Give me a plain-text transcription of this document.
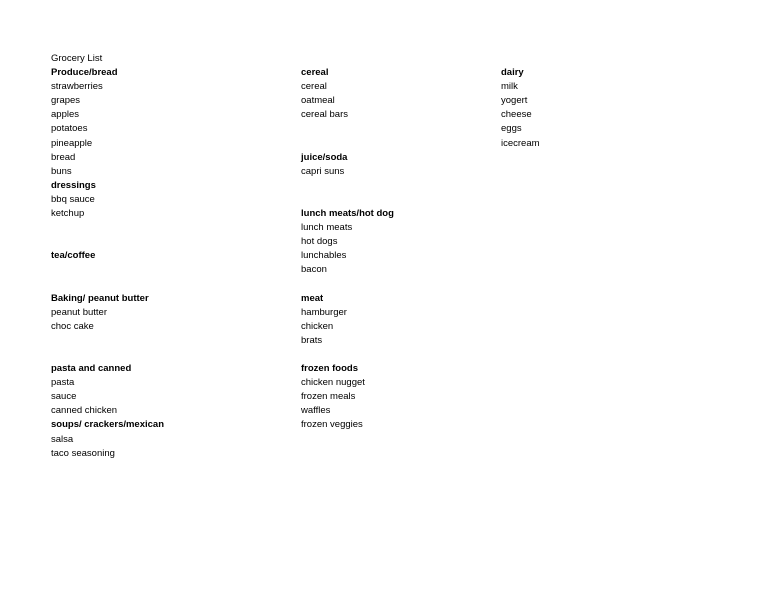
Grocery List
Produce/bread
strawberries
grapes
apples
potatoes
pineapple
bread
buns
dressings
bbq sauce
ketchup
tea/coffee
Baking/ peanut butter
peanut butter
choc cake
pasta and canned
pasta
sauce
canned chicken
soups/ crackers/mexican
salsa
taco seasoning
cereal
cereal
oatmeal
cereal bars
juice/soda
capri suns
lunch meats/hot dog
lunch meats
hot dogs
lunchables
bacon
meat
hamburger
chicken
brats
frozen foods
chicken nugget
frozen meals
waffles
frozen veggies
dairy
milk
yogert
cheese
eggs
icecream
